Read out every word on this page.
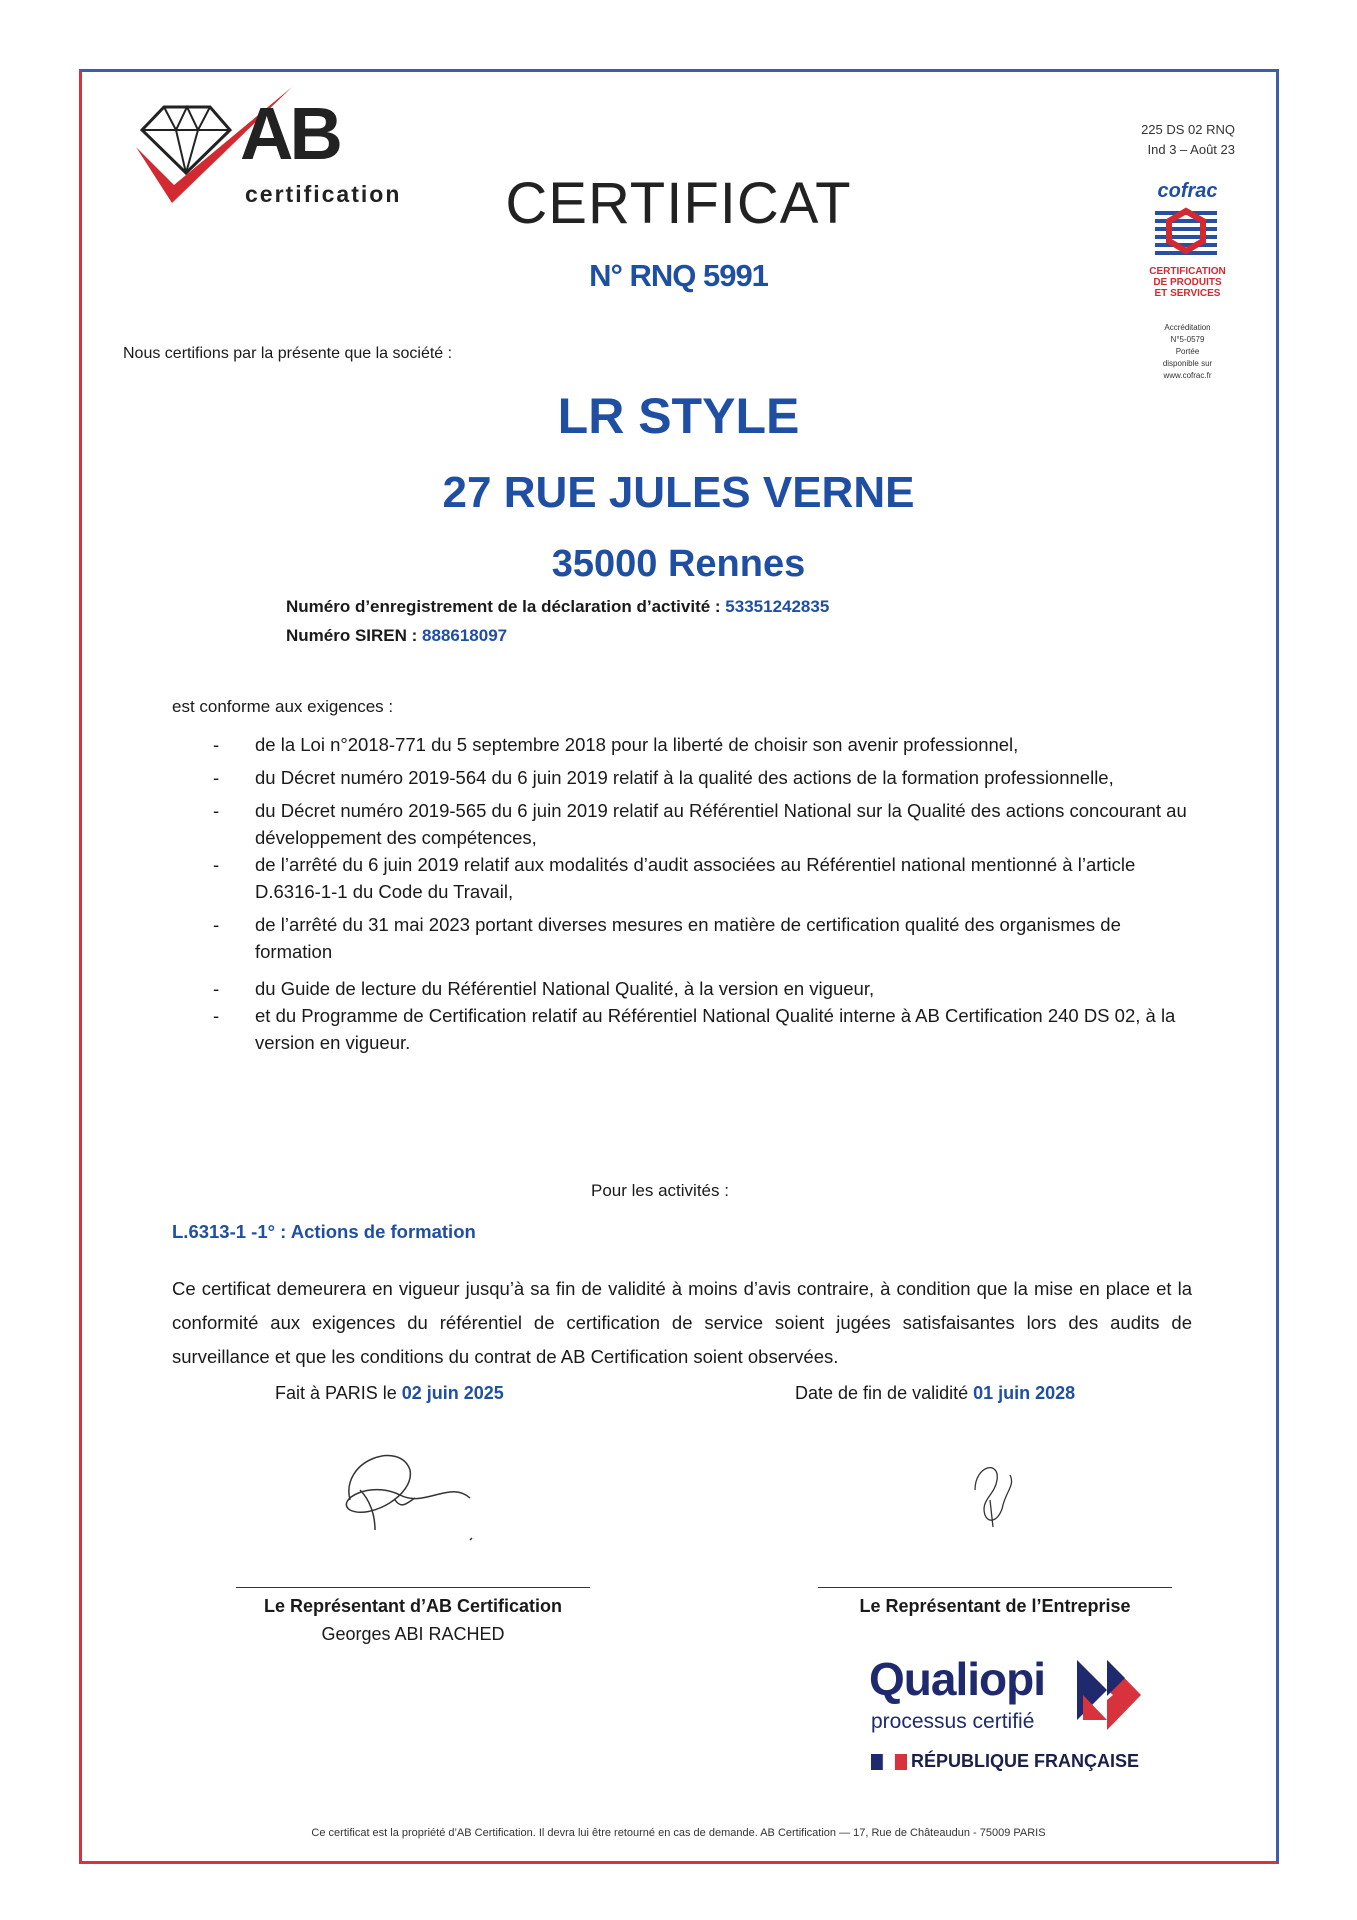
AB
certification
225 DS 02 RNQ
Ind 3 – Août 23
cofrac
CERTIFICATION
DE PRODUITS
ET SERVICES
Accréditation
N°5-0579
Portée
disponible sur
www.cofrac.fr
CERTIFICAT
N° RNQ 5991
Nous certifions par la présente que la société :
LR STYLE
27 RUE JULES VERNE
35000 Rennes
Numéro d’enregistrement de la déclaration d’activité : 53351242835
Numéro SIREN : 888618097
est conforme aux exigences :
- de la Loi n°2018-771 du 5 septembre 2018 pour la liberté de choisir son avenir professionnel,
- du Décret numéro 2019-564 du 6 juin 2019 relatif à la qualité des actions de la formation professionnelle,
- du Décret numéro 2019-565 du 6 juin 2019 relatif au Référentiel National sur la Qualité des actions concourant au développement des compétences,
- de l’arrêté du 6 juin 2019 relatif aux modalités d’audit associées au Référentiel national mentionné à l’article D.6316-1-1 du Code du Travail,
- de l’arrêté du 31 mai 2023 portant diverses mesures en matière de certification qualité des organismes de formation
- du Guide de lecture du Référentiel National Qualité, à la version en vigueur,
- et du Programme de Certification relatif au Référentiel National Qualité interne à AB Certification 240 DS 02, à la version en vigueur.
Pour les activités :
L.6313-1 -1° : Actions de formation
Ce certificat demeurera en vigueur jusqu’à sa fin de validité à moins d’avis contraire, à condition que la mise en place et la conformité aux exigences du référentiel de certification de service soient jugées satisfaisantes lors des audits de surveillance et que les conditions du contrat de AB Certification soient observées.
Fait à PARIS le 02 juin 2025	Date de fin de validité 01 juin 2028
Le Représentant d’AB Certification
Georges ABI RACHED
Le Représentant de l’Entreprise
Qualiopi
processus certifié
RÉPUBLIQUE FRANÇAISE
Ce certificat est la propriété d’AB Certification. Il devra lui être retourné en cas de demande. AB Certification — 17, Rue de Châteaudun - 75009 PARIS
